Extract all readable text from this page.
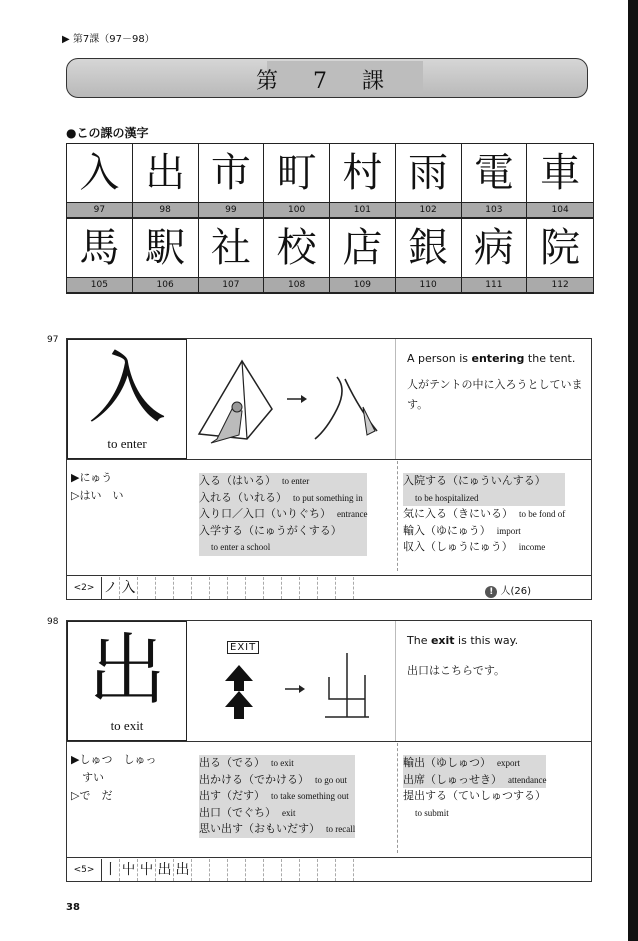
▶ 第7課（97－98）
第 7 課
●この課の漢字
入
97
出
98
市
99
町
100
村
101
雨
102
電
103
車
104
馬
105
駅
106
社
107
校
108
店
109
銀
110
病
111
院
112
97
入
to enter
A person is entering the tent.
人がテントの中に入ろうとしています。
▶にゅう
▷はい　い
入る（はいる） to enter
入れる（いれる） to put something in
入り口／入口（いりぐち） entrance
入学する（にゅうがくする）
to enter a school
入院する（にゅういんする）
to be hospitalized
気に入る（きにいる） to be fond of
輸入（ゆにゅう） import
収入（しゅうにゅう） income
<2> ノ 入	! 人(26)
98
出
to exit
EXIT
The exit is this way.
出口はこちらです。
▶しゅつ　しゅっ
　すい
▷で　だ
出る（でる） to exit
出かける（でかける） to go out
出す（だす） to take something out
出口（でぐち） exit
思い出す（おもいだす） to recall
輸出（ゆしゅつ） export
出席（しゅっせき） attendance
提出する（ていしゅつする）
to submit
<5> 丨 屮 屮 出 出
38
